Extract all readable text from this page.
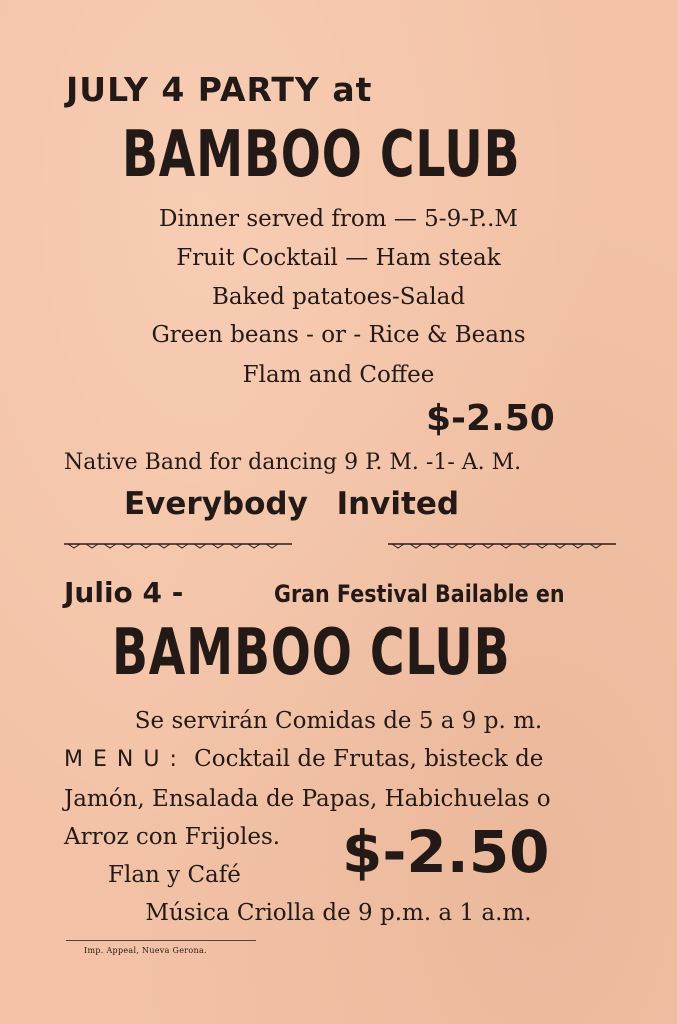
JULY 4 PARTY at
BAMBOO CLUB
Dinner served from — 5-9-P..M
Fruit Cocktail — Ham steak
Baked patatoes-Salad
Green beans - or - Rice & Beans
Flam and Coffee
$-2.50
Native Band for dancing 9 P. M. -1- A. M.
Everybody Invited
Julio 4 -	Gran Festival Bailable en
BAMBOO CLUB
Se servirán Comidas de 5 a 9 p. m.
MENU: Cocktail de Frutas, bisteck de
Jamón, Ensalada de Papas, Habichuelas o
Arroz con Frijoles.
Flan y Café $-2.50
Música Criolla de 9 p.m. a 1 a.m.
Imp. Appeal, Nueva Gerona.
